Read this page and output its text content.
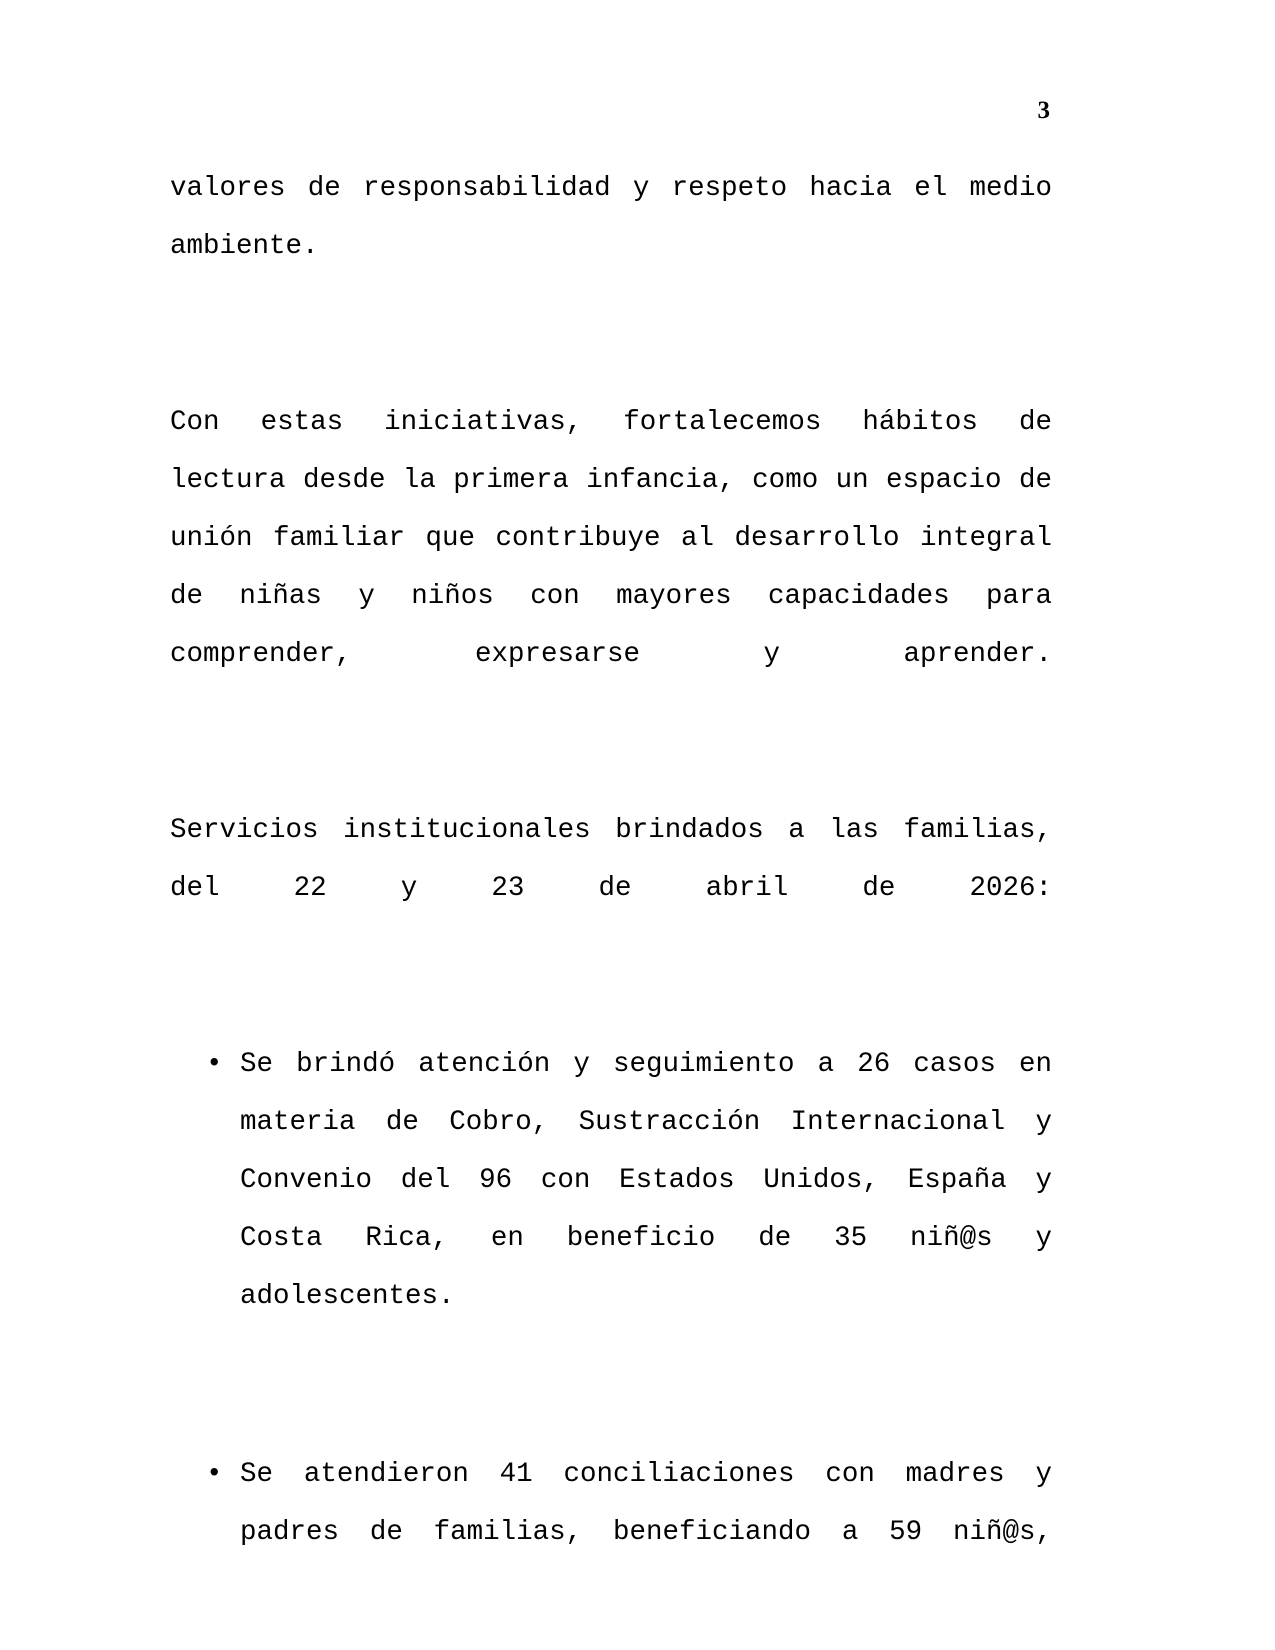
3

valores de responsabilidad y respeto hacia el medio ambiente.

Con estas iniciativas, fortalecemos hábitos de lectura desde la primera infancia, como un espacio de unión familiar que contribuye al desarrollo integral de niñas y niños con mayores capacidades para comprender, expresarse y aprender.

Servicios institucionales brindados a las familias, del 22 y 23 de abril de 2026:

• Se brindó atención y seguimiento a 26 casos en materia de Cobro, Sustracción Internacional y Convenio del 96 con Estados Unidos, España y Costa Rica, en beneficio de 35 niñ@s y adolescentes.
• Se atendieron 41 conciliaciones con madres y padres de familias, beneficiando a 59 niñ@s,
